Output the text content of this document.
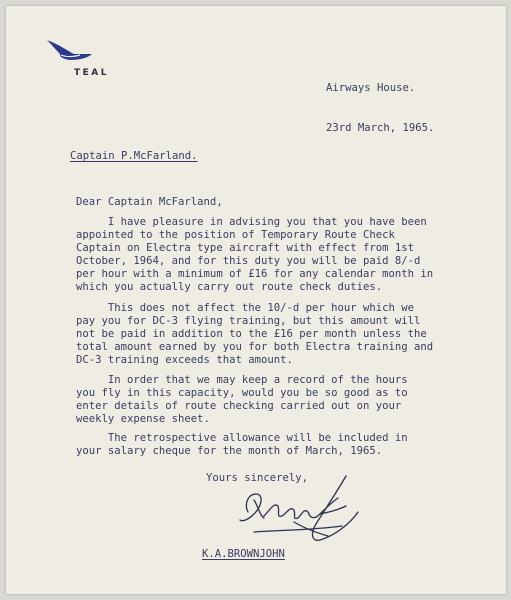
TEAL
Airways House.
23rd March, 1965.
Captain P.McFarland.
Dear Captain McFarland,
I have pleasure in advising you that you have been
appointed to the position of Temporary Route Check
Captain on Electra type aircraft with effect from 1st
October, 1964, and for this duty you will be paid 8/-d
per hour with a minimum of £16 for any calendar month in
which you actually carry out route check duties.
This does not affect the 10/-d per hour which we
pay you for DC-3 flying training, but this amount will
not be paid in addition to the £16 per month unless the
total amount earned by you for both Electra training and
DC-3 training exceeds that amount.
In order that we may keep a record of the hours
you fly in this capacity, would you be so good as to
enter details of route checking carried out on your
weekly expense sheet.
The retrospective allowance will be included in
your salary cheque for the month of March, 1965.
Yours sincerely,
K.A.BROWNJOHN
